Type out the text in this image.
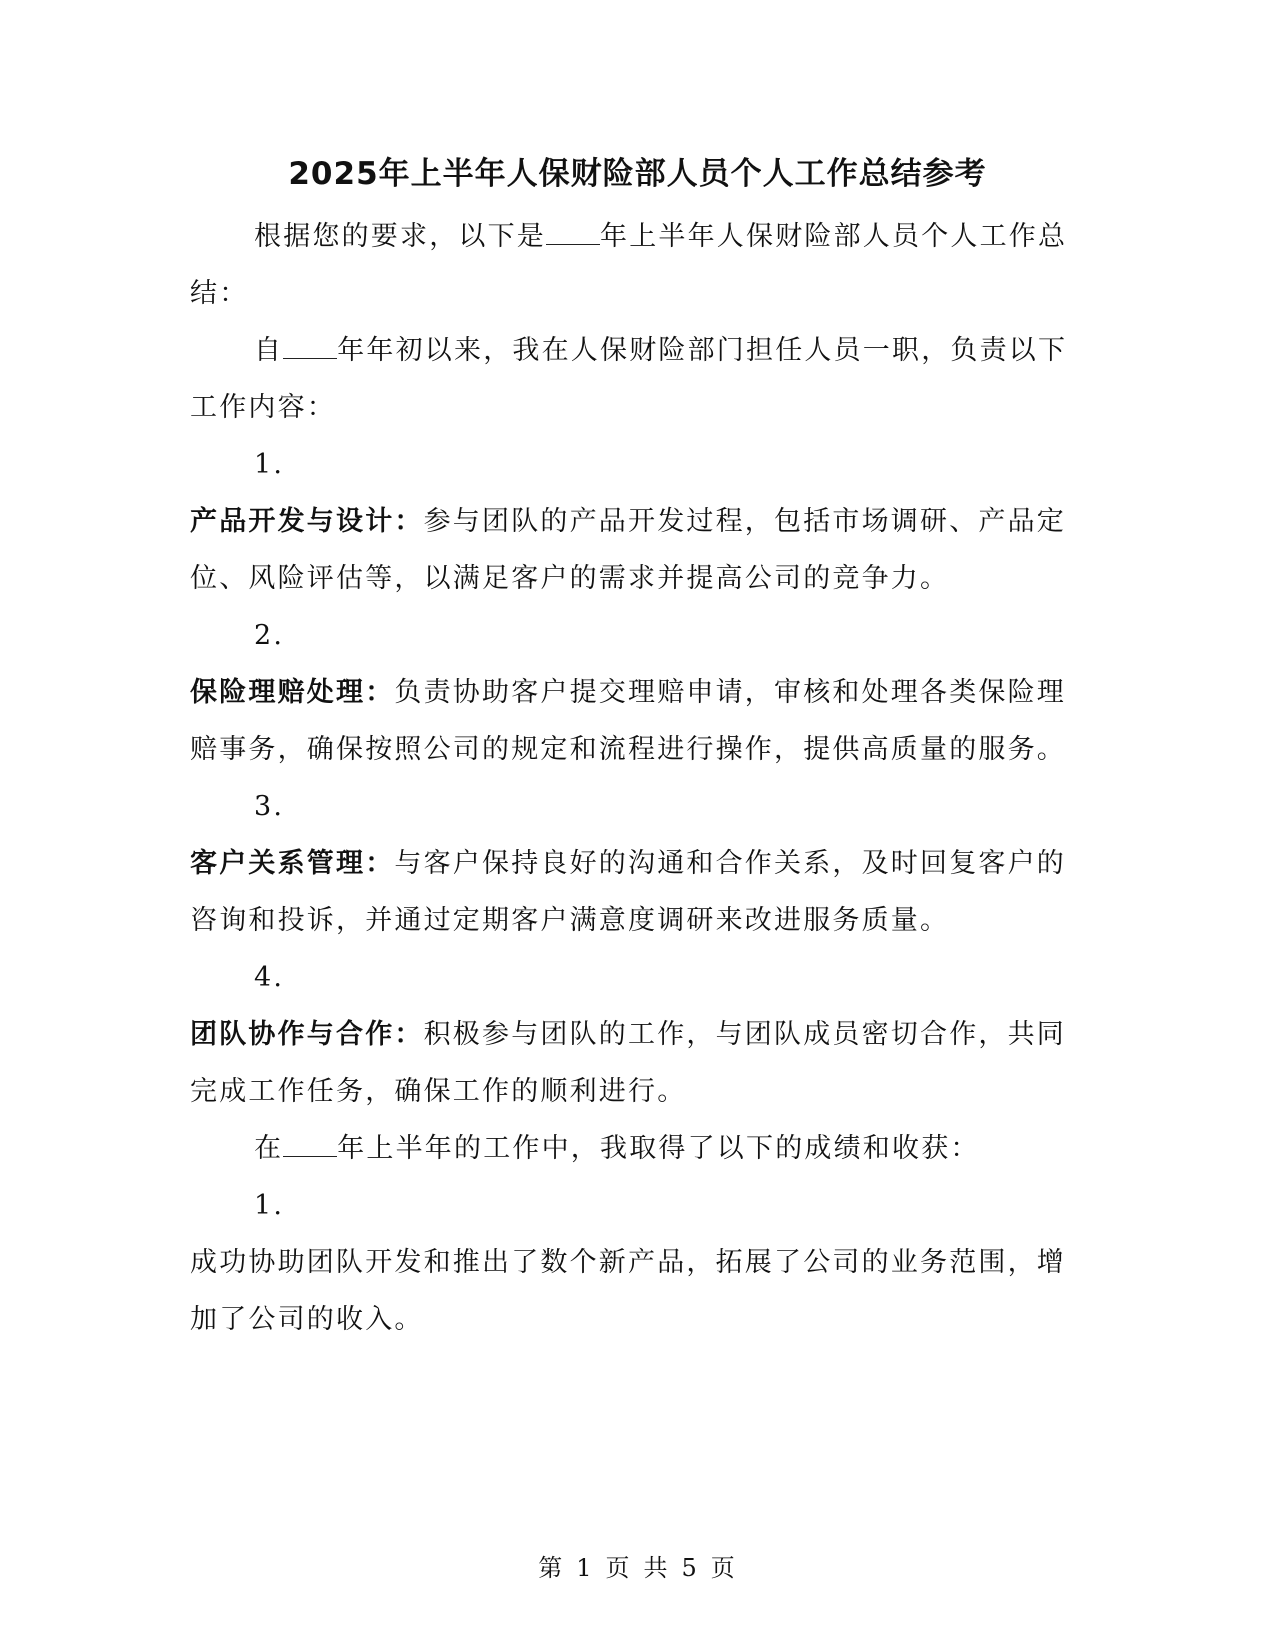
2025年上半年人保财险部人员个人工作总结参考

根据您的要求，以下是 年上半年人保财险部人员个人工作总结：

自 年年初以来，我在人保财险部门担任人员一职，负责以下工作内容：

1.

产品开发与设计：参与团队的产品开发过程，包括市场调研、产品定位、风险评估等，以满足客户的需求并提高公司的竞争力。

2.

保险理赔处理：负责协助客户提交理赔申请，审核和处理各类保险理赔事务，确保按照公司的规定和流程进行操作，提供高质量的服务。

3.

客户关系管理：与客户保持良好的沟通和合作关系，及时回复客户的咨询和投诉，并通过定期客户满意度调研来改进服务质量。

4.

团队协作与合作：积极参与团队的工作，与团队成员密切合作，共同完成工作任务，确保工作的顺利进行。

在 年上半年的工作中，我取得了以下的成绩和收获：

1.

成功协助团队开发和推出了数个新产品，拓展了公司的业务范围，增加了公司的收入。

第 1 页 共 5 页
